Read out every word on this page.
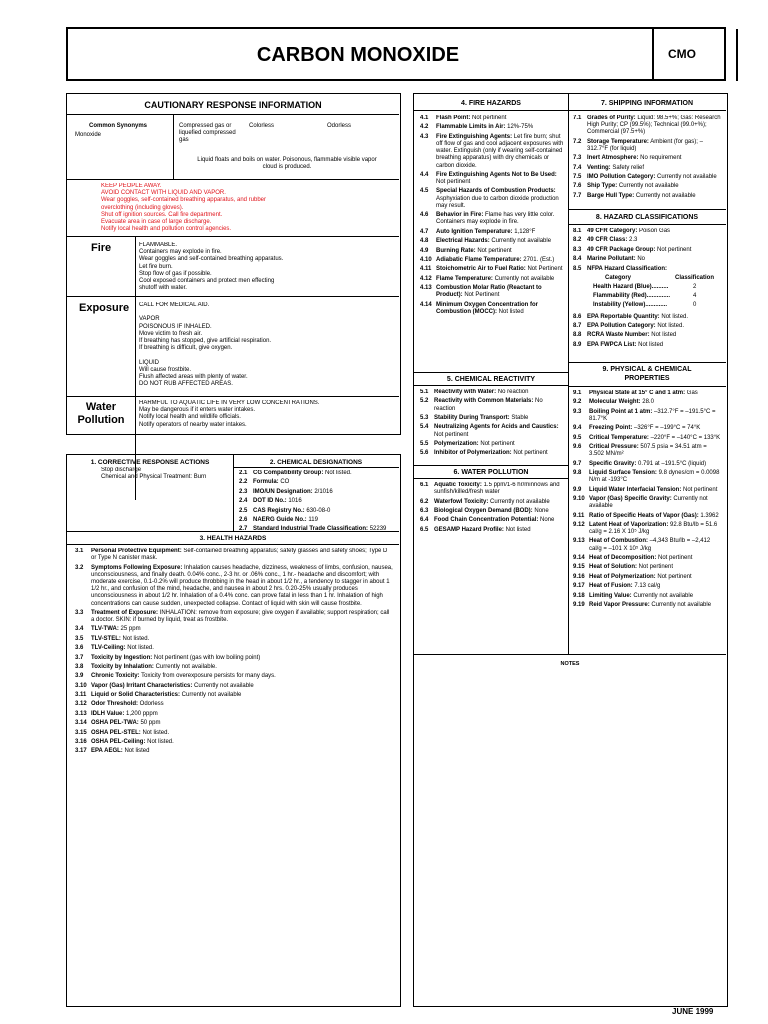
CARBON MONOXIDE	CMO
CAUTIONARY RESPONSE INFORMATION
Common Synonyms
Monoxide
Compressed gas or liquefied compressed gas
Colorless	Odorless
Liquid floats and boils on water. Poisonous, flammable visible vapor cloud is produced.
KEEP PEOPLE AWAY.
AVOID CONTACT WITH LIQUID AND VAPOR.
Wear goggles, self-contained breathing apparatus, and rubber
overclothing (including gloves).
Shut off ignition sources. Call fire department.
Evacuate area in case of large discharge.
Notify local health and pollution control agencies.
Fire	FLAMMABLE.
Containers may explode in fire.
Wear goggles and self-contained breathing apparatus.
Let fire burn.
Stop flow of gas if possible.
Cool exposed containers and protect men effecting
shutoff with water.
Exposure CALL FOR MEDICAL AID.

VAPOR
POISONOUS IF INHALED.
Move victim to fresh air.
If breathing has stopped, give artificial respiration.
If breathing is difficult, give oxygen.

LIQUID
Will cause frostbite.
Flush affected areas with plenty of water.
DO NOT RUB AFFECTED AREAS.
Water
Pollution
HARMFUL TO AQUATIC LIFE IN VERY LOW CONCENTRATIONS.
May be dangerous if it enters water intakes.
Notify local health and wildlife officials.
Notify operators of nearby water intakes.
1. CORRECTIVE RESPONSE ACTIONS
Stop discharge
Chemical and Physical Treatment: Burn
2. CHEMICAL DESIGNATIONS
2.1 CG Compatibility Group: Not listed.
2.2 Formula: CO
2.3 IMO/UN Designation: 2/1016
2.4 DOT ID No.: 1016
2.5 CAS Registry No.: 630-08-0
2.6 NAERG Guide No.: 119
2.7 Standard Industrial Trade Classification: 52239
3. HEALTH HAZARDS
3.1	Personal Protective Equipment: Self-contained breathing apparatus; safety glasses and safety shoes; Type D or Type N canister mask.
3.2	Symptoms Following Exposure: Inhalation causes headache, dizziness, weakness of limbs, confusion, nausea, unconsciousness, and finally death. 0.04% conc., 2-3 hr. or .06% conc., 1 hr.- headache and discomfort; with moderate exercise, 0.1-0.2% will produce throbbing in the head in about 1/2 hr., a tendency to stagger in about 1 1/2 hr., and confusion of the mind, headache, and nausea in about 2 hrs. 0.20-25% usually produces unconsciousness in about 1/2 hr. Inhalation of a 0.4% conc. can prove fatal in less than 1 hr. Inhalation of high concentrations can cause sudden, unexpected collapse. Contact of liquid with skin will cause frostbite.
3.3	Treatment of Exposure: INHALATION: remove from exposure; give oxygen if available; support respiration; call a doctor. SKIN: if burned by liquid, treat as frostbite.
3.4	TLV-TWA: 25 ppm
3.5	TLV-STEL: Not listed.
3.6	TLV-Ceiling: Not listed.
3.7	Toxicity by Ingestion: Not pertinent (gas with low boiling point)
3.8	Toxicity by Inhalation: Currently not available.
3.9	Chronic Toxicity: Toxicity from overexposure persists for many days.
3.10 Vapor (Gas) Irritant Characteristics: Currently not available
3.11 Liquid or Solid Characteristics: Currently not available
3.12 Odor Threshold: Odorless
3.13 IDLH Value: 1,200 pppm
3.14 OSHA PEL-TWA: 50 ppm
3.15 OSHA PEL-STEL: Not listed.
3.16 OSHA PEL-Ceiling: Not listed.
3.17 EPA AEGL: Not listed
4. FIRE HAZARDS
4.1	Flash Point: Not pertinent
4.2	Flammable Limits in Air: 12%-75%
4.3	Fire Extinguishing Agents: Let fire burn; shut off flow of gas and cool adjacent exposures with water. Extinguish (only if wearing self-contained breathing apparatus) with dry chemicals or carbon dioxide.
4.4	Fire Extinguishing Agents Not to Be Used: Not pertinent
4.5	Special Hazards of Combustion Products: Asphyxiation due to carbon dioxide production may result.
4.6	Behavior in Fire: Flame has very little color. Containers may explode in fire.
4.7	Auto Ignition Temperature: 1,128°F
4.8	Electrical Hazards: Currently not available
4.9	Burning Rate: Not pertinent
4.10 Adiabatic Flame Temperature: 2701. (Est.)
4.11 Stoichometric Air to Fuel Ratio: Not Pertinent
4.12 Flame Temperature: Currently not available
4.13 Combustion Molar Ratio (Reactant to Product): Not Pertinent
4.14 Minimum Oxygen Concentration for Combustion (MOCC): Not listed
5. CHEMICAL REACTIVITY
5.1 Reactivity with Water: No reaction
5.2 Reactivity with Common Materials: No reaction
5.3 Stability During Transport: Stable
5.4 Neutralizing Agents for Acids and Caustics: Not pertinent
5.5 Polymerization: Not pertinent
5.6 Inhibitor of Polymerization: Not pertinent
6. WATER POLLUTION
6.1 Aquatic Toxicity: 1.5 ppm/1-6 hr/minnows and sunfish/killed/fresh water
6.2 Waterfowl Toxicity: Currently not available
6.3 Biological Oxygen Demand (BOD): None
6.4 Food Chain Concentration Potential: None
6.5 GESAMP Hazard Profile: Not listed
7. SHIPPING INFORMATION
7.1 Grades of Purity: Liquid: 98.5+%; Gas: Research High Purity; CP (99.5%); Technical (99.0+%); Commercial (97.5+%)
7.2 Storage Temperature: Ambient (for gas); –312.7°F (for liquid)
7.3 Inert Atmosphere: No requirement
7.4 Venting: Safety relief
7.5 IMO Pollution Category: Currently not available
7.6 Ship Type: Currently not available
7.7 Barge Hull Type: Currently not available
8. HAZARD CLASSIFICATIONS
8.1 49 CFR Category: Poison Gas
8.2 49 CFR Class: 2.3
8.3 49 CFR Package Group: Not pertinent
8.4 Marine Pollutant: No
8.5 NFPA Hazard Classification:
Category	Classification
Health Hazard (Blue)..........	2
Flammability (Red)..............	4
Instability (Yellow).............	0
8.6 EPA Reportable Quantity: Not listed.
8.7 EPA Pollution Category: Not listed.
8.8 RCRA Waste Number: Not listed
8.9 EPA FWPCA List: Not listed
9. PHYSICAL & CHEMICAL
PROPERTIES
9.1	Physical State at 15° C and 1 atm: Gas
9.2	Molecular Weight: 28.0
9.3	Boiling Point at 1 atm: –312.7°F = –191.5°C = 81.7°K
9.4	Freezing Point: –326°F = –199°C = 74°K
9.5	Critical Temperature: –220°F = –140°C = 133°K
9.6	Critical Pressure: 507.5 psia = 34.51 atm = 3.502 MN/m²
9.7	Specific Gravity: 0.791 at –191.5°C (liquid)
9.8	Liquid Surface Tension: 9.8 dynes/cm = 0.0098 N/m at -193°C
9.9	Liquid Water Interfacial Tension: Not pertinent
9.10 Vapor (Gas) Specific Gravity: Currently not available
9.11 Ratio of Specific Heats of Vapor (Gas): 1.3962
9.12 Latent Heat of Vaporization: 92.8 Btu/lb = 51.6 cal/g = 2.16 X 10⁵ J/kg
9.13 Heat of Combustion: –4,343 Btu/lb = –2,412 cal/g = –101 X 10⁵ J/kg
9.14 Heat of Decomposition: Not pertinent
9.15 Heat of Solution: Not pertinent
9.16 Heat of Polymerization: Not pertinent
9.17 Heat of Fusion: 7.13 cal/g
9.18 Limiting Value: Currently not available
9.19 Reid Vapor Pressure: Currently not available
NOTES
JUNE 1999
